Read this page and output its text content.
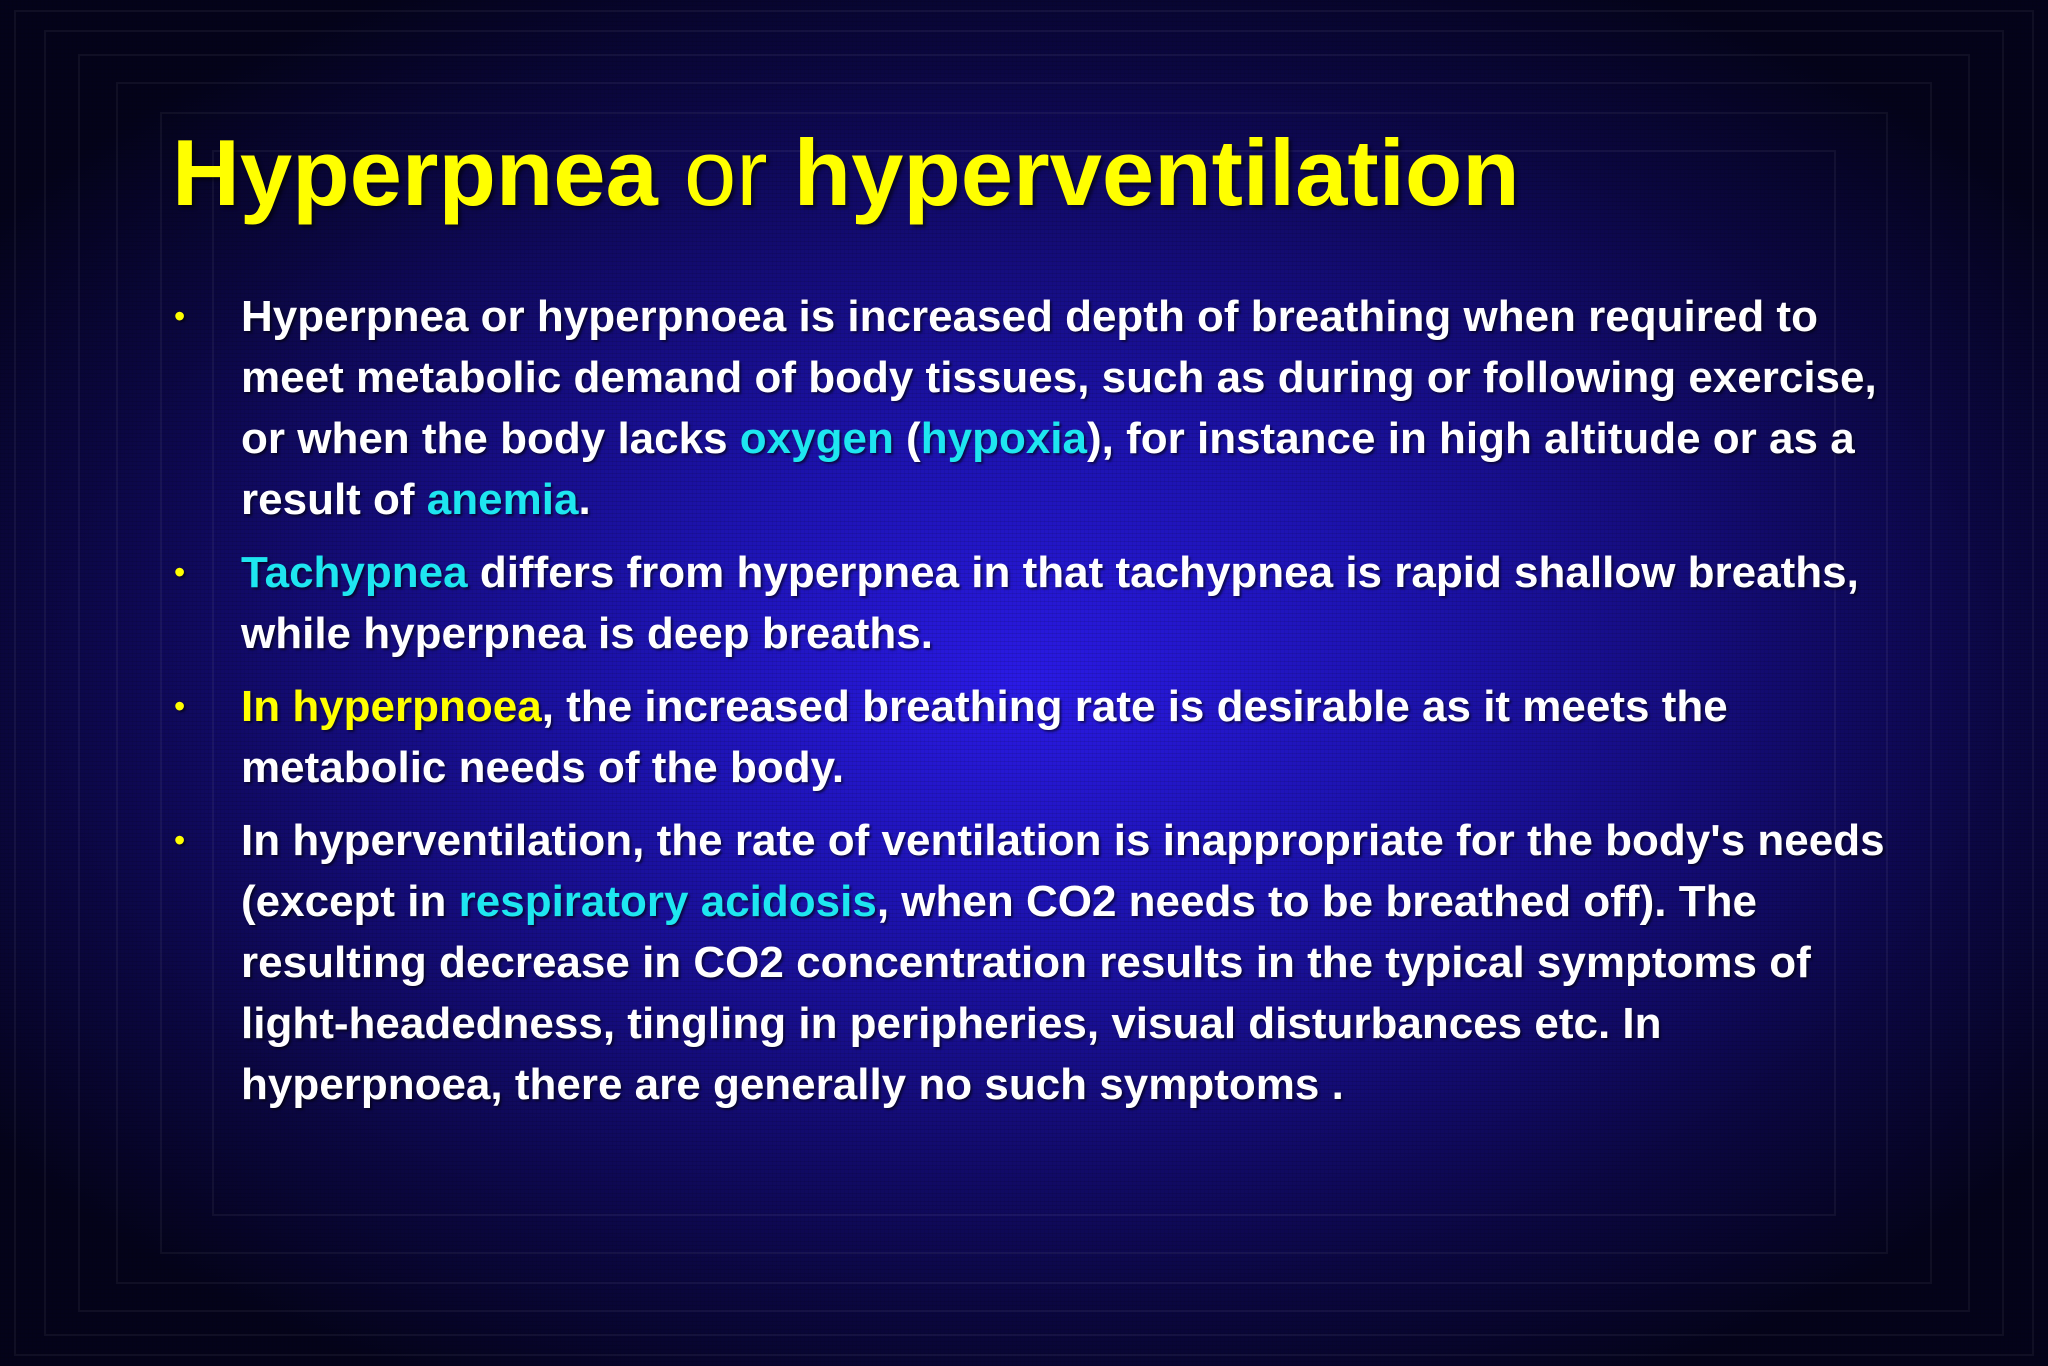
Hyperpnea or hyperventilation
• Hyperpnea or hyperpnoea is increased depth of breathing when required to meet metabolic demand of body tissues, such as during or following exercise, or when the body lacks oxygen (hypoxia), for instance in high altitude or as a result of anemia.
• Tachypnea differs from hyperpnea in that tachypnea is rapid shallow breaths, while hyperpnea is deep breaths.
• In hyperpnoea, the increased breathing rate is desirable as it meets the metabolic needs of the body.
• In hyperventilation, the rate of ventilation is inappropriate for the body's needs (except in respiratory acidosis, when CO2 needs to be breathed off). The resulting decrease in CO2 concentration results in the typical symptoms of light-headedness, tingling in peripheries, visual disturbances etc. In hyperpnoea, there are generally no such symptoms .
